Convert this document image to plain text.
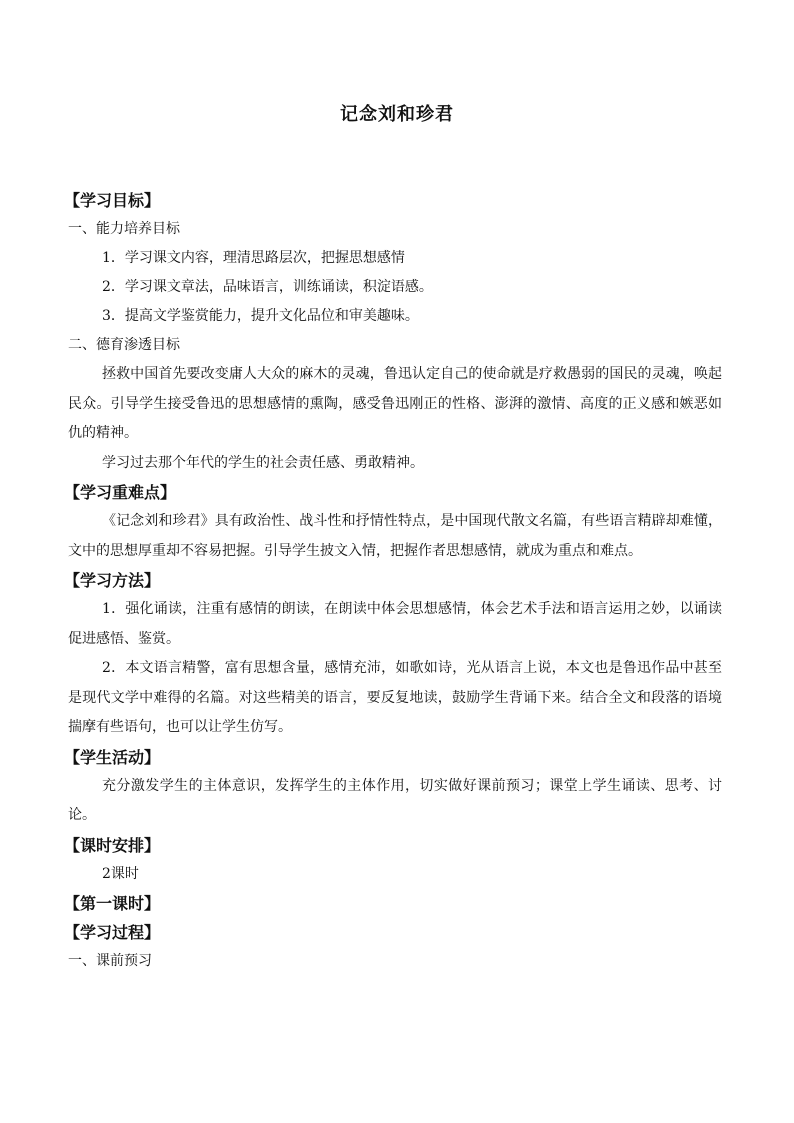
记念刘和珍君
【学习目标】
一、能力培养目标
1．学习课文内容，理清思路层次，把握思想感情
2．学习课文章法，品味语言，训练诵读，积淀语感。
3．提高文学鉴赏能力，提升文化品位和审美趣味。
二、德育渗透目标
拯救中国首先要改变庸人大众的麻木的灵魂，鲁迅认定自己的使命就是疗救愚弱的国民的灵魂，唤起民众。引导学生接受鲁迅的思想感情的熏陶，感受鲁迅刚正的性格、澎湃的激情、高度的正义感和嫉恶如仇的精神。
学习过去那个年代的学生的社会责任感、勇敢精神。
【学习重难点】
《记念刘和珍君》具有政治性、战斗性和抒情性特点，是中国现代散文名篇，有些语言精辟却难懂，文中的思想厚重却不容易把握。引导学生披文入情，把握作者思想感情，就成为重点和难点。
【学习方法】
1．强化诵读，注重有感情的朗读，在朗读中体会思想感情，体会艺术手法和语言运用之妙，以诵读促进感悟、鉴赏。
2．本文语言精警，富有思想含量，感情充沛，如歌如诗，光从语言上说，本文也是鲁迅作品中甚至是现代文学中难得的名篇。对这些精美的语言，要反复地读，鼓励学生背诵下来。结合全文和段落的语境揣摩有些语句，也可以让学生仿写。
【学生活动】
充分激发学生的主体意识，发挥学生的主体作用，切实做好课前预习；课堂上学生诵读、思考、讨论。
【课时安排】
2课时
【第一课时】
【学习过程】
一、课前预习
